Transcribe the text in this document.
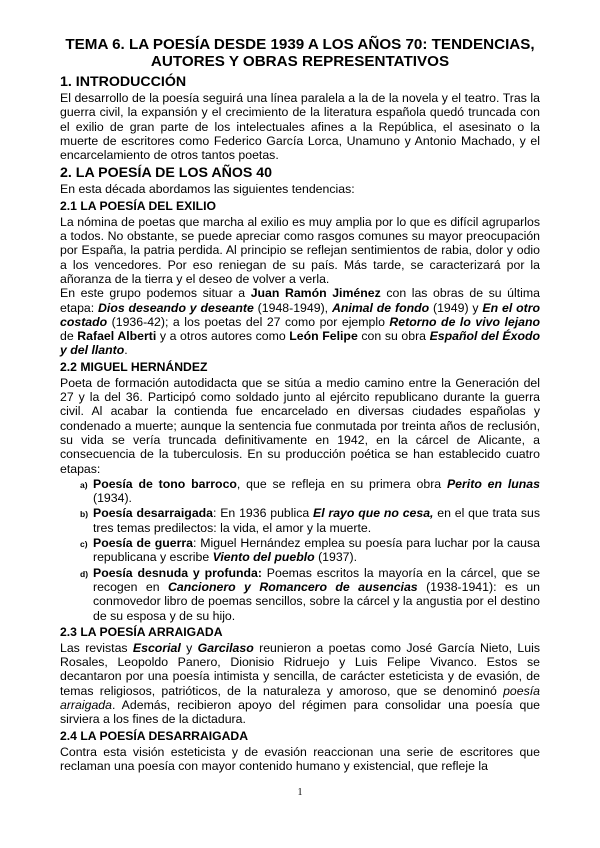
TEMA 6. LA POESÍA DESDE 1939 A LOS AÑOS 70: TENDENCIAS,
AUTORES Y OBRAS REPRESENTATIVOS
1. INTRODUCCIÓN

El desarrollo de la poesía seguirá una línea paralela a la de la novela y el teatro. Tras la guerra civil, la expansión y el crecimiento de la literatura española quedó truncada con el exilio de gran parte de los intelectuales afines a la República, el asesinato o la muerte de escritores como Federico García Lorca, Unamuno y Antonio Machado, y el encarcelamiento de otros tantos poetas.

2. LA POESÍA DE LOS AÑOS 40

En esta década abordamos las siguientes tendencias:

2.1 LA POESÍA DEL EXILIO

La nómina de poetas que marcha al exilio es muy amplia por lo que es difícil agruparlos a todos. No obstante, se puede apreciar como rasgos comunes su mayor preocupación por España, la patria perdida. Al principio se reflejan sentimientos de rabia, dolor y odio a los vencedores. Por eso reniegan de su país. Más tarde, se caracterizará por la añoranza de la tierra y el deseo de volver a verla.

En este grupo podemos situar a Juan Ramón Jiménez con las obras de su última etapa: Dios deseando y deseante (1948-1949), Animal de fondo (1949) y En el otro costado (1936-42); a los poetas del 27 como por ejemplo Retorno de lo vivo lejano de Rafael Alberti y a otros autores como León Felipe con su obra Español del Éxodo y del llanto.

2.2 MIGUEL HERNÁNDEZ

Poeta de formación autodidacta que se sitúa a medio camino entre la Generación del 27 y la del 36. Participó como soldado junto al ejército republicano durante la guerra civil. Al acabar la contienda fue encarcelado en diversas ciudades españolas y condenado a muerte; aunque la sentencia fue conmutada por treinta años de reclusión, su vida se vería truncada definitivamente en 1942, en la cárcel de Alicante, a consecuencia de la tuberculosis. En su producción poética se han establecido cuatro etapas:

a) Poesía de tono barroco, que se refleja en su primera obra Perito en lunas (1934).
b) Poesía desarraigada: En 1936 publica El rayo que no cesa, en el que trata sus tres temas predilectos: la vida, el amor y la muerte.
c) Poesía de guerra: Miguel Hernández emplea su poesía para luchar por la causa republicana y escribe Viento del pueblo (1937).
d) Poesía desnuda y profunda: Poemas escritos la mayoría en la cárcel, que se recogen en Cancionero y Romancero de ausencias (1938-1941): es un conmovedor libro de poemas sencillos, sobre la cárcel y la angustia por el destino de su esposa y de su hijo.
2.3 LA POESÍA ARRAIGADA

Las revistas Escorial y Garcilaso reunieron a poetas como José García Nieto, Luis Rosales, Leopoldo Panero, Dionisio Ridruejo y Luis Felipe Vivanco. Estos se decantaron por una poesía intimista y sencilla, de carácter esteticista y de evasión, de temas religiosos, patrióticos, de la naturaleza y amoroso, que se denominó poesía arraigada. Además, recibieron apoyo del régimen para consolidar una poesía que sirviera a los fines de la dictadura.

2.4 LA POESÍA DESARRAIGADA

Contra esta visión esteticista y de evasión reaccionan una serie de escritores que reclaman una poesía con mayor contenido humano y existencial, que refleje la

1
